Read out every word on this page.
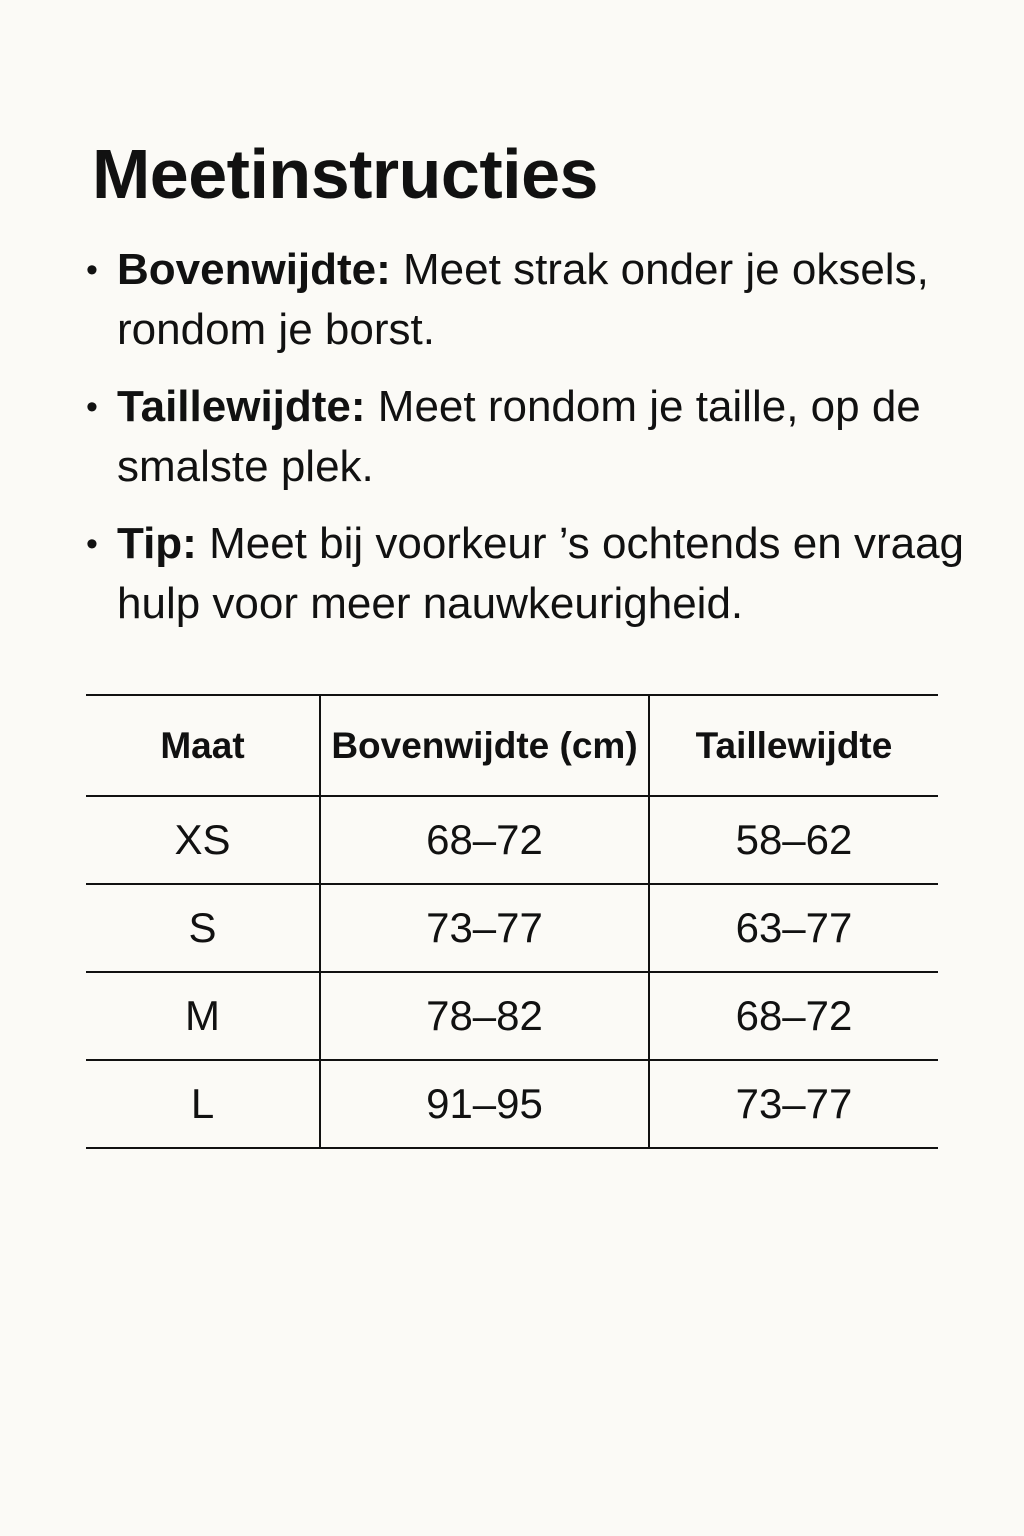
Meetinstructies
• Bovenwijdte: Meet strak onder je oksels, rondom je borst.
• Taillewijdte: Meet rondom je taille, op de smalste plek.
• Tip: Meet bij voorkeur ’s ochtends en vraag hulp voor meer nauwkeurigheid.
Maat	Bovenwijdte (cm)	Taillewijdte
XS	68–72	58–62
S	73–77	63–77
M	78–82	68–72
L	91–95	73–77
